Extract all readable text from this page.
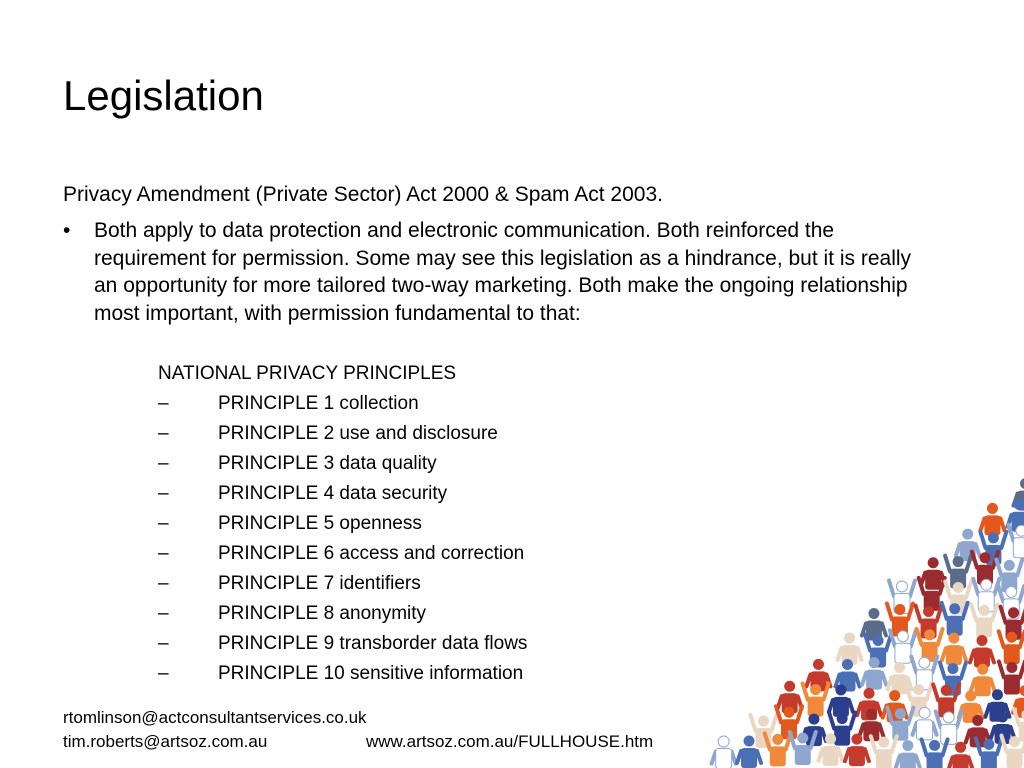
Legislation
Privacy Amendment (Private Sector) Act 2000 & Spam Act 2003.
•	Both apply to data protection and electronic communication. Both reinforced the requirement for permission. Some may see this legislation as a hindrance, but it is really an opportunity for more tailored two-way marketing. Both make the ongoing relationship most important, with permission fundamental to that:
NATIONAL PRIVACY PRINCIPLES
–	PRINCIPLE 1 collection
–	PRINCIPLE 2 use and disclosure
–	PRINCIPLE 3 data quality
–	PRINCIPLE 4 data security
–	PRINCIPLE 5 openness
–	PRINCIPLE 6 access and correction
–	PRINCIPLE 7 identifiers
–	PRINCIPLE 8 anonymity
–	PRINCIPLE 9 transborder data flows
–	PRINCIPLE 10 sensitive information
rtomlinson@actconsultantservices.co.uk
tim.roberts@artsoz.com.au	www.artsoz.com.au/FULLHOUSE.htm
